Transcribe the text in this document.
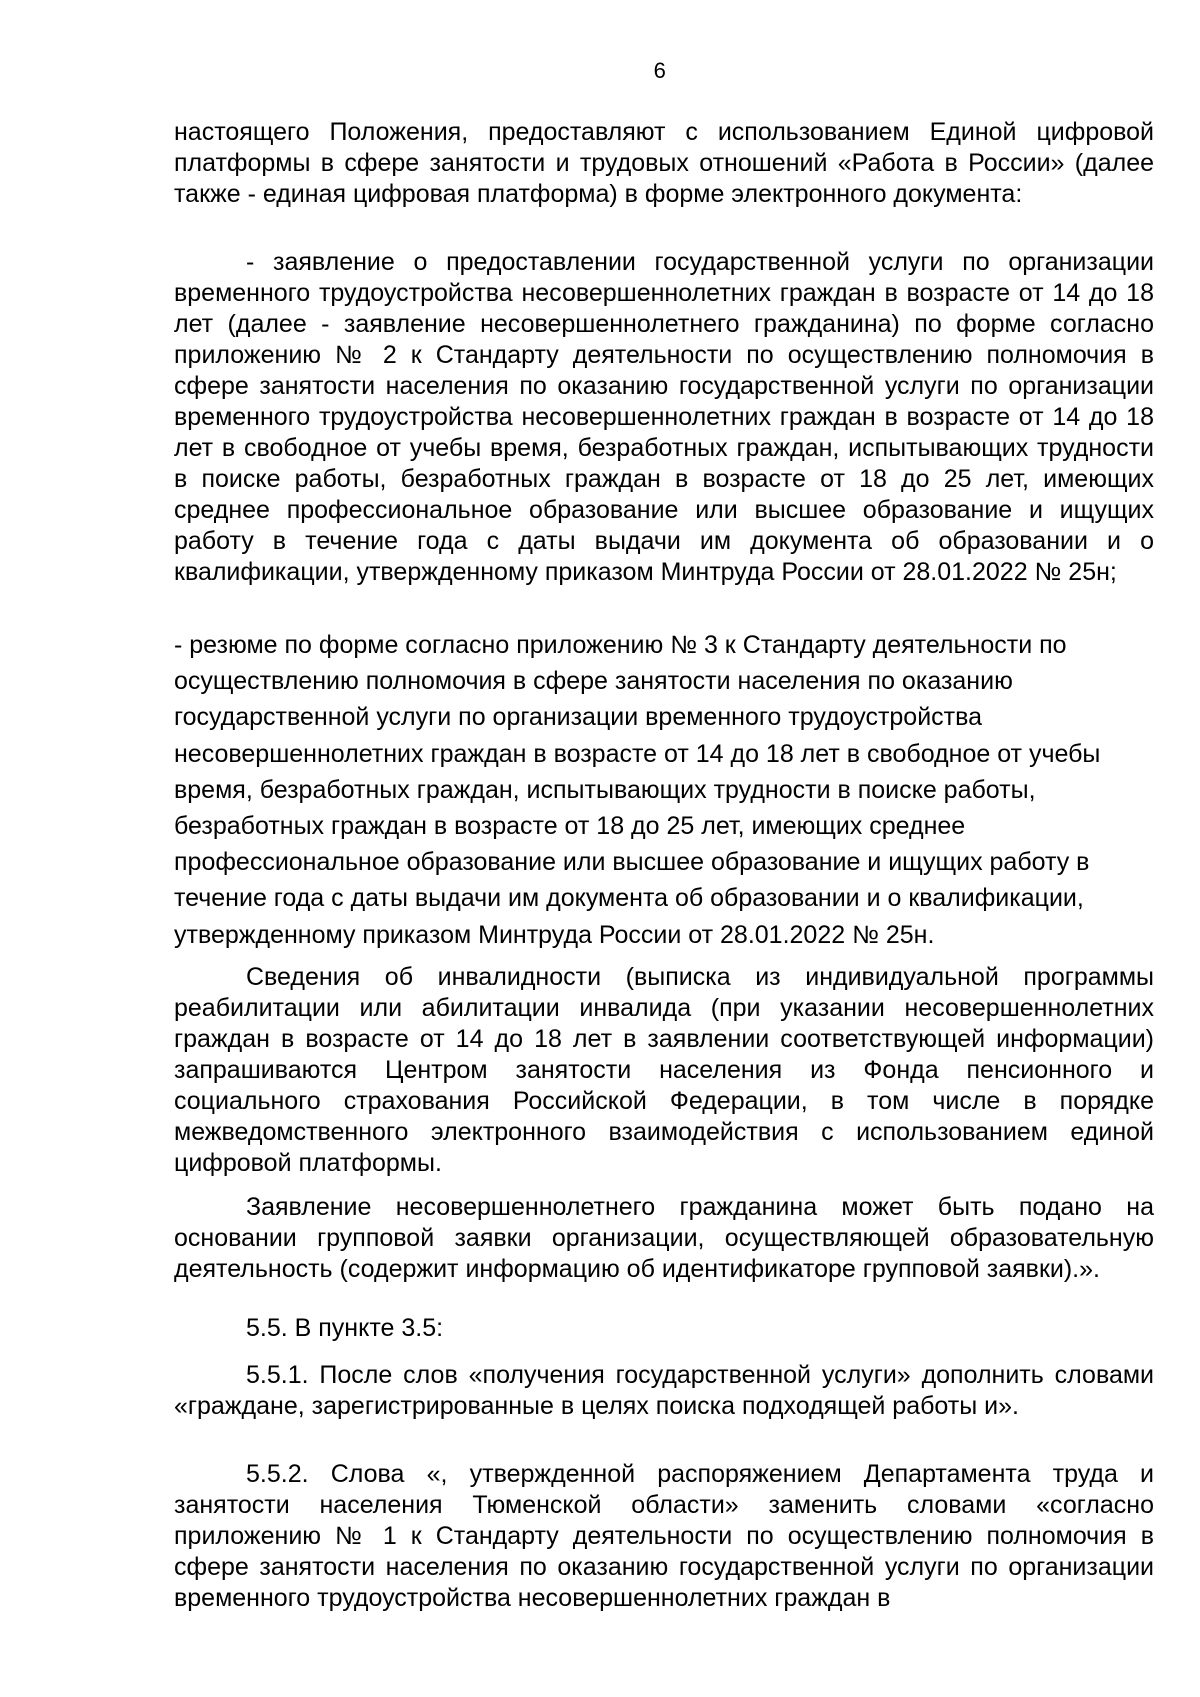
6

настоящего Положения, предоставляют с использованием Единой цифровой платформы в сфере занятости и трудовых отношений «Работа в России» (далее также - единая цифровая платформа) в форме электронного документа:

- заявление о предоставлении государственной услуги по организации временного трудоустройства несовершеннолетних граждан в возрасте от 14 до 18 лет (далее - заявление несовершеннолетнего гражданина) по форме согласно приложению № 2 к Стандарту деятельности по осуществлению полномочия в сфере занятости населения по оказанию государственной услуги по организации временного трудоустройства несовершеннолетних граждан в возрасте от 14 до 18 лет в свободное от учебы время, безработных граждан, испытывающих трудности в поиске работы, безработных граждан в возрасте от 18 до 25 лет, имеющих среднее профессиональное образование или высшее образование и ищущих работу в течение года с даты выдачи им документа об образовании и о квалификации, утвержденному приказом Минтруда России от 28.01.2022 № 25н;

- резюме по форме согласно приложению № 3 к Стандарту деятельности по осуществлению полномочия в сфере занятости населения по оказанию государственной услуги по организации временного трудоустройства несовершеннолетних граждан в возрасте от 14 до 18 лет в свободное от учебы время, безработных граждан, испытывающих трудности в поиске работы, безработных граждан в возрасте от 18 до 25 лет, имеющих среднее профессиональное образование или высшее образование и ищущих работу в течение года с даты выдачи им документа об образовании и о квалификации, утвержденному приказом Минтруда России от 28.01.2022 № 25н.

Сведения об инвалидности (выписка из индивидуальной программы реабилитации или абилитации инвалида (при указании несовершеннолетних граждан в возрасте от 14 до 18 лет в заявлении соответствующей информации) запрашиваются Центром занятости населения из Фонда пенсионного и социального страхования Российской Федерации, в том числе в порядке межведомственного электронного взаимодействия с использованием единой цифровой платформы.

Заявление несовершеннолетнего гражданина может быть подано на основании групповой заявки организации, осуществляющей образовательную деятельность (содержит информацию об идентификаторе групповой заявки).».

5.5. В пункте 3.5:

5.5.1. После слов «получения государственной услуги» дополнить словами «граждане, зарегистрированные в целях поиска подходящей работы и».

5.5.2. Слова «, утвержденной распоряжением Департамента труда и занятости населения Тюменской области» заменить словами «согласно приложению № 1 к Стандарту деятельности по осуществлению полномочия в сфере занятости населения по оказанию государственной услуги по организации временного трудоустройства несовершеннолетних граждан в
